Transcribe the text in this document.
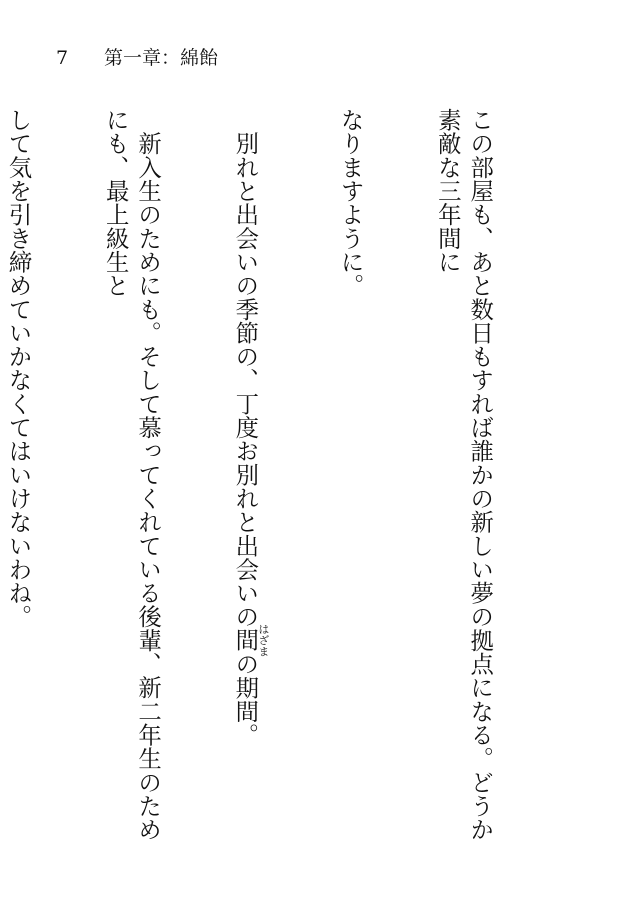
7	第一章：綿飴

この部屋も、あと数日もすれば誰かの新しい夢の拠点になる。どうか素敵な三年間に

なりますように。

　別れと出会いの季節の、丁度お別れと出会いの間はざまの期間。

　新入生のためにも。そして慕ってくれている後輩、新二年生のためにも、最上級生と

して気を引き締めていかなくてはいけないわね。
